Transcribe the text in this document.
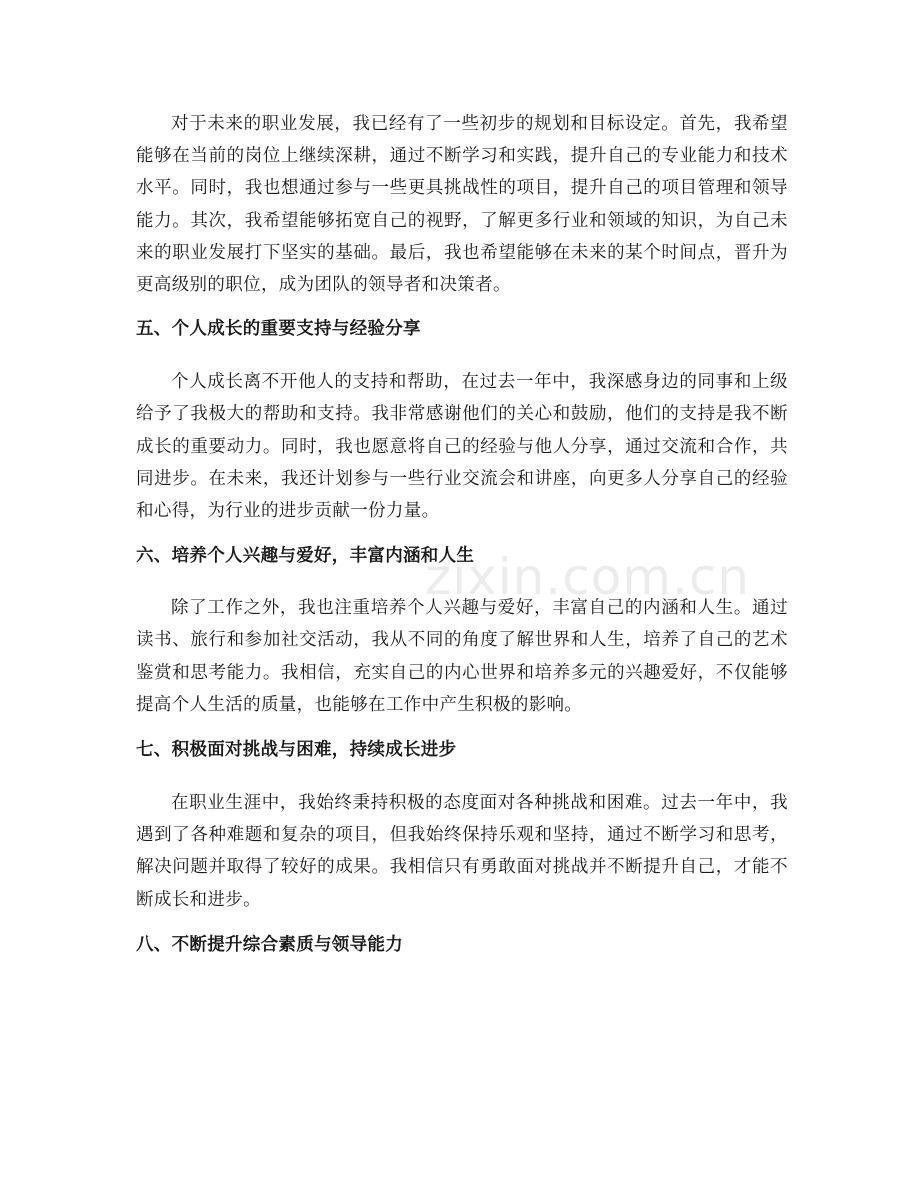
对于未来的职业发展，我已经有了一些初步的规划和目标设定。首先，我希望能够在当前的岗位上继续深耕，通过不断学习和实践，提升自己的专业能力和技术水平。同时，我也想通过参与一些更具挑战性的项目，提升自己的项目管理和领导能力。其次，我希望能够拓宽自己的视野，了解更多行业和领域的知识，为自己未来的职业发展打下坚实的基础。最后，我也希望能够在未来的某个时间点，晋升为更高级别的职位，成为团队的领导者和决策者。

五、个人成长的重要支持与经验分享

个人成长离不开他人的支持和帮助，在过去一年中，我深感身边的同事和上级给予了我极大的帮助和支持。我非常感谢他们的关心和鼓励，他们的支持是我不断成长的重要动力。同时，我也愿意将自己的经验与他人分享，通过交流和合作，共同进步。在未来，我还计划参与一些行业交流会和讲座，向更多人分享自己的经验和心得，为行业的进步贡献一份力量。

六、培养个人兴趣与爱好，丰富内涵和人生

除了工作之外，我也注重培养个人兴趣与爱好，丰富自己的内涵和人生。通过读书、旅行和参加社交活动，我从不同的角度了解世界和人生，培养了自己的艺术鉴赏和思考能力。我相信，充实自己的内心世界和培养多元的兴趣爱好，不仅能够提高个人生活的质量，也能够在工作中产生积极的影响。

七、积极面对挑战与困难，持续成长进步

在职业生涯中，我始终秉持积极的态度面对各种挑战和困难。过去一年中，我遇到了各种难题和复杂的项目，但我始终保持乐观和坚持，通过不断学习和思考，解决问题并取得了较好的成果。我相信只有勇敢面对挑战并不断提升自己，才能不断成长和进步。

八、不断提升综合素质与领导能力
zixin.com.cn
